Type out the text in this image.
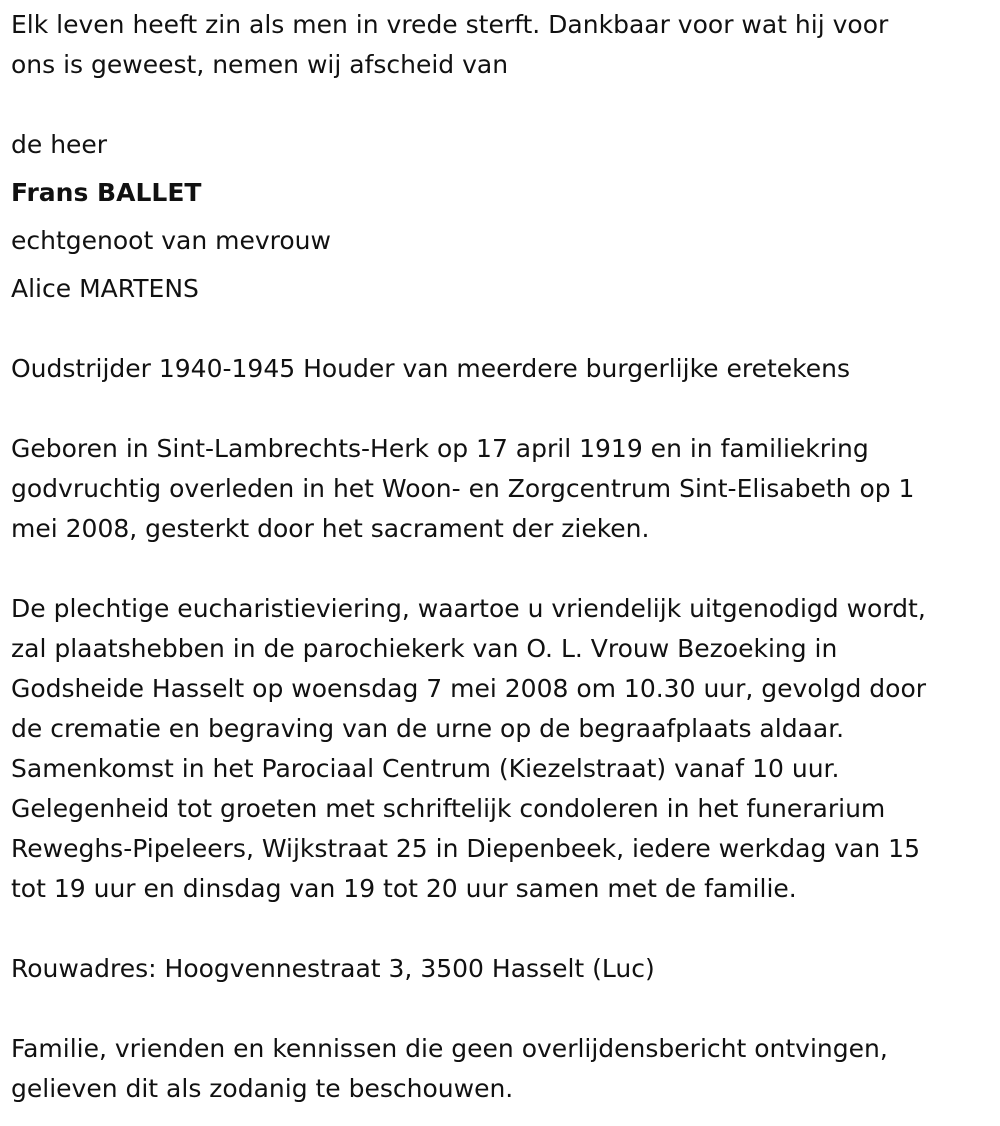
Elk leven heeft zin als men in vrede sterft. Dankbaar voor wat hij voor
ons is geweest, nemen wij afscheid van
de heer
Frans BALLET
echtgenoot van mevrouw
Alice MARTENS
Oudstrijder 1940-1945 Houder van meerdere burgerlijke eretekens
Geboren in Sint-Lambrechts-Herk op 17 april 1919 en in familiekring
godvruchtig overleden in het Woon- en Zorgcentrum Sint-Elisabeth op 1
mei 2008, gesterkt door het sacrament der zieken.
De plechtige eucharistieviering, waartoe u vriendelijk uitgenodigd wordt,
zal plaatshebben in de parochiekerk van O. L. Vrouw Bezoeking in
Godsheide Hasselt op woensdag 7 mei 2008 om 10.30 uur, gevolgd door
de crematie en begraving van de urne op de begraafplaats aldaar.
Samenkomst in het Parociaal Centrum (Kiezelstraat) vanaf 10 uur.
Gelegenheid tot groeten met schriftelijk condoleren in het funerarium
Reweghs-Pipeleers, Wijkstraat 25 in Diepenbeek, iedere werkdag van 15
tot 19 uur en dinsdag van 19 tot 20 uur samen met de familie.
Rouwadres: Hoogvennestraat 3, 3500 Hasselt (Luc)
Familie, vrienden en kennissen die geen overlijdensbericht ontvingen,
gelieven dit als zodanig te beschouwen.
